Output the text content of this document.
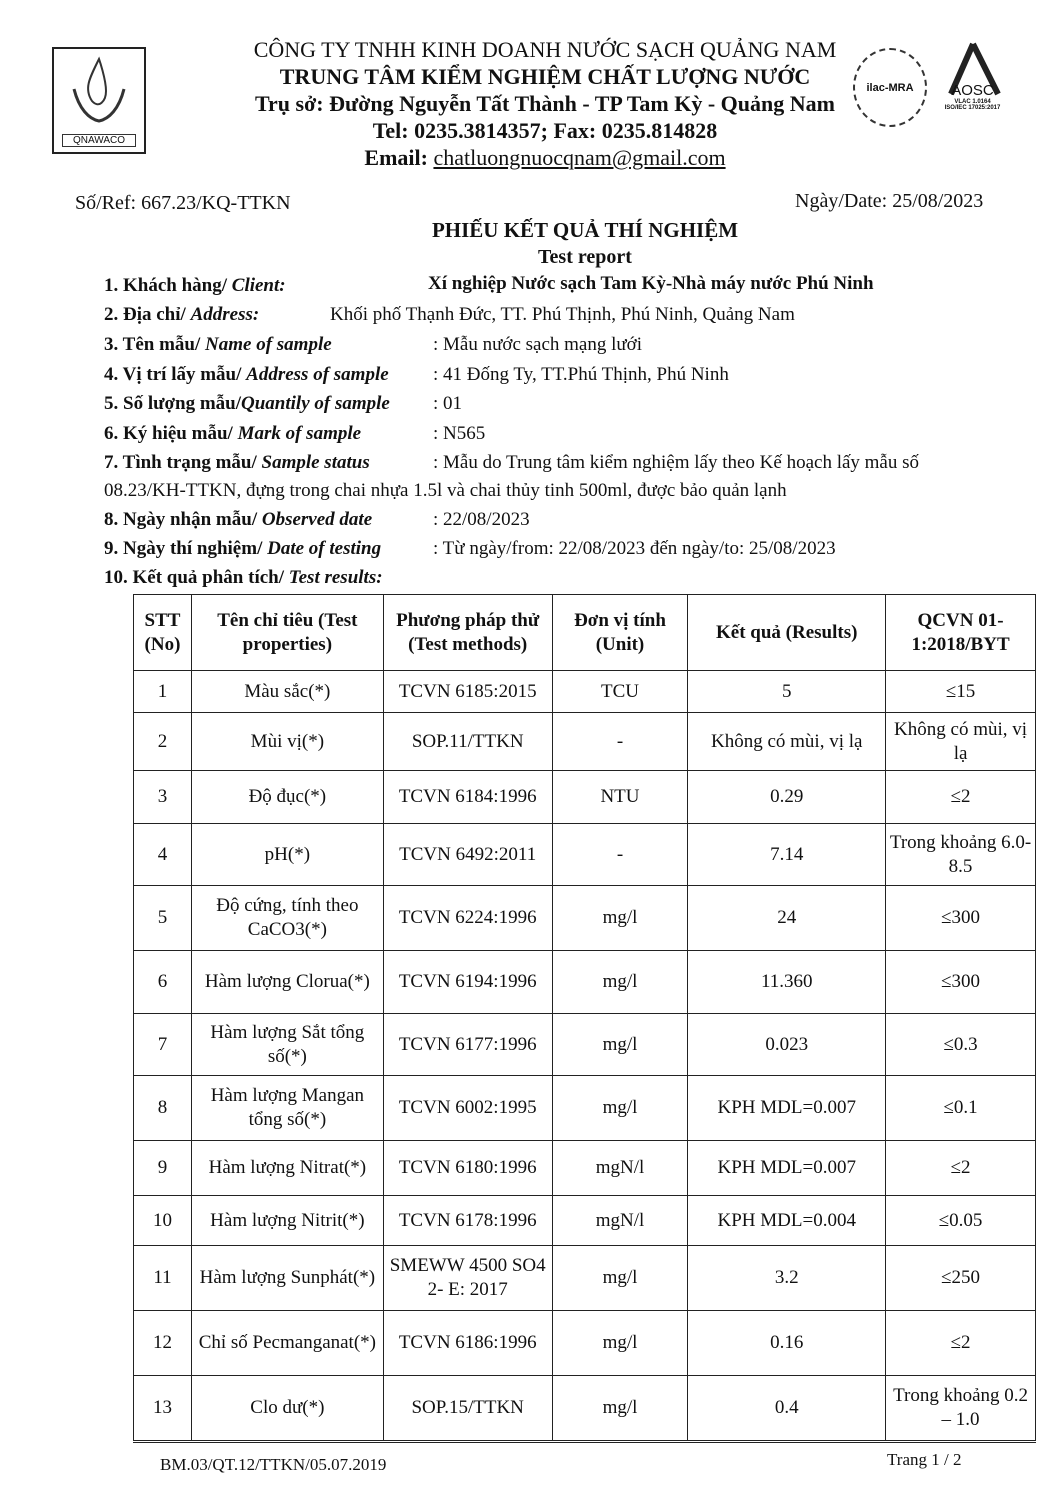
QNAWACO
CÔNG TY TNHH KINH DOANH NƯỚC SẠCH QUẢNG NAM
TRUNG TÂM KIỂM NGHIỆM CHẤT LƯỢNG NƯỚC
Trụ sở: Đường Nguyễn Tất Thành - TP Tam Kỳ - Quảng Nam
Tel: 0235.3814357; Fax: 0235.814828
Email: chatluongnuocqnam@gmail.com
ilac-MRA	AOSC
VLAC 1.0164
ISO/IEC 17025:2017
Số/Ref: 667.23/KQ-TTKN	Ngày/Date: 25/08/2023
PHIẾU KẾT QUẢ THÍ NGHIỆM
Test report
1. Khách hàng/ Client:	Xí nghiệp Nước sạch Tam Kỳ-Nhà máy nước Phú Ninh
2. Địa chỉ/ Address:	Khối phố Thạnh Đức, TT. Phú Thịnh, Phú Ninh, Quảng Nam
3. Tên mẫu/ Name of sample	: Mẫu nước sạch mạng lưới
4. Vị trí lấy mẫu/ Address of sample : 41 Đống Ty, TT.Phú Thịnh, Phú Ninh
5. Số lượng mẫu/Quantily of sample : 01
6. Ký hiệu mẫu/ Mark of sample	: N565
7. Tình trạng mẫu/ Sample status	: Mẫu do Trung tâm kiểm nghiệm lấy theo Kế hoạch lấy mẫu số
08.23/KH-TTKN, đựng trong chai nhựa 1.5l và chai thủy tinh 500ml, được bảo quản lạnh
8. Ngày nhận mẫu/ Observed date	: 22/08/2023
9. Ngày thí nghiệm/ Date of testing	: Từ ngày/from: 22/08/2023 đến ngày/to: 25/08/2023
10. Kết quả phân tích/ Test results:
STT (No)	Tên chỉ tiêu (Test properties)	Phương pháp thử (Test methods)	Đơn vị tính (Unit)	Kết quả (Results)	QCVN 01-1:2018/BYT
1	Màu sắc(*)	TCVN 6185:2015	TCU	5	≤15
2	Mùi vị(*)	SOP.11/TTKN	-	Không có mùi, vị lạ	Không có mùi, vị lạ
3	Độ đục(*)	TCVN 6184:1996	NTU	0.29	≤2
4	pH(*)	TCVN 6492:2011	-	7.14	Trong khoảng 6.0-8.5
5	Độ cứng, tính theo CaCO3(*)	TCVN 6224:1996	mg/l	24	≤300
6	Hàm lượng Clorua(*)	TCVN 6194:1996	mg/l	11.360	≤300
7	Hàm lượng Sắt tổng số(*)	TCVN 6177:1996	mg/l	0.023	≤0.3
8	Hàm lượng Mangan tổng số(*)	TCVN 6002:1995	mg/l	KPH MDL=0.007	≤0.1
9	Hàm lượng Nitrat(*)	TCVN 6180:1996	mgN/l	KPH MDL=0.007	≤2
10	Hàm lượng Nitrit(*)	TCVN 6178:1996	mgN/l	KPH MDL=0.004	≤0.05
11	Hàm lượng Sunphát(*)	SMEWW 4500 SO4 2- E: 2017	mg/l	3.2	≤250
12	Chỉ số Pecmanganat(*)	TCVN 6186:1996	mg/l	0.16	≤2
13	Clo dư(*)	SOP.15/TTKN	mg/l	0.4	Trong khoảng 0.2 – 1.0
BM.03/QT.12/TTKN/05.07.2019	Trang 1 / 2
